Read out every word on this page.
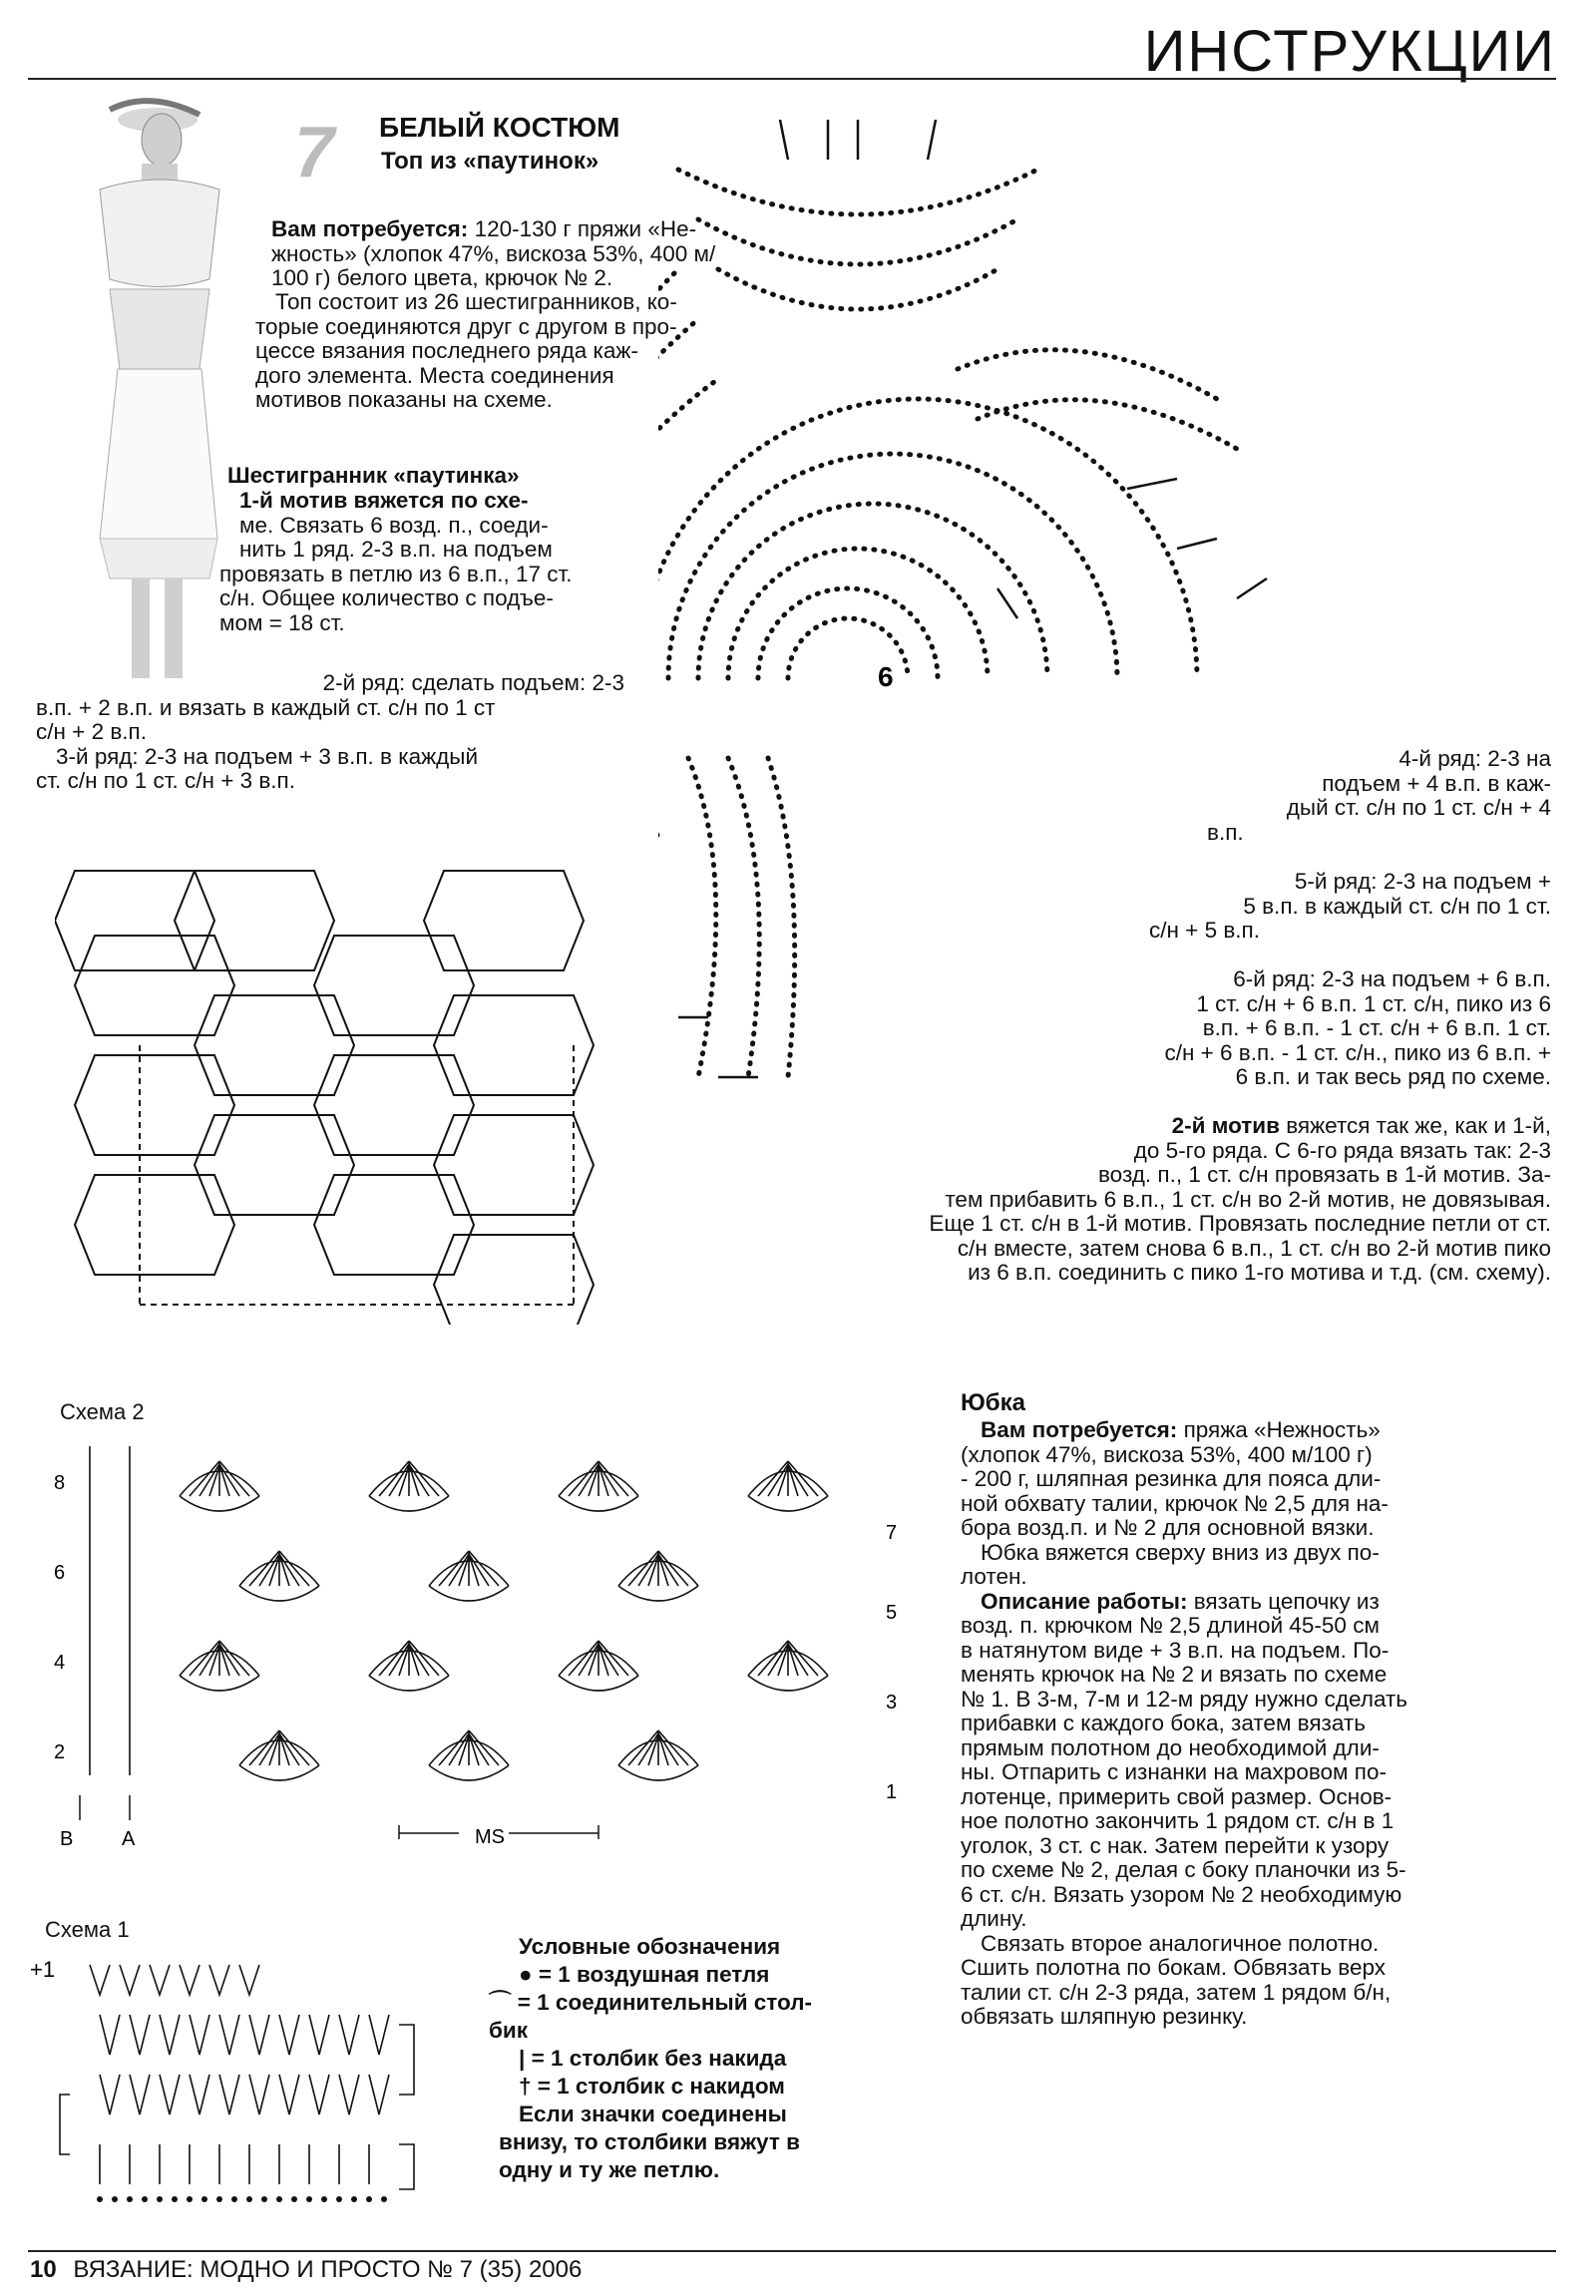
ИНСТРУКЦИИ
7 БЕЛЫЙ КОСТЮМ
Топ из «паутинок»

Вам потребуется: 120-130 г пряжи «Не-

жность» (хлопок 47%, вискоза 53%, 400 м/

100 г) белого цвета, крючок № 2.

Топ состоит из 26 шестигранников, ко-

торые соединяются друг с другом в про-

цессе вязания последнего ряда каж-

дого элемента. Места соединения

мотивов показаны на схеме.

Шестигранник «паутинка»

1-й мотив вяжется по схе-

ме. Связать 6 возд. п., соеди-

нить 1 ряд. 2-3 в.п. на подъем

провязать в петлю из 6 в.п., 17 ст.

с/н. Общее количество с подъе-

мом = 18 ст.

2-й ряд: сделать подъем: 2-3

в.п. + 2 в.п. и вязать в каждый ст. с/н по 1 ст

с/н + 2 в.п.

3-й ряд: 2-3 на подъем + 3 в.п. в каждый

ст. с/н по 1 ст. с/н + 3 в.п.

6

4-й ряд: 2-3 на

подъем + 4 в.п. в каж-

дый ст. с/н по 1 ст. с/н + 4

в.п.

5-й ряд: 2-3 на подъем +

5 в.п. в каждый ст. с/н по 1 ст.

с/н + 5 в.п.

6-й ряд: 2-3 на подъем + 6 в.п.

1 ст. с/н + 6 в.п. 1 ст. с/н, пико из 6

в.п. + 6 в.п. - 1 ст. с/н + 6 в.п. 1 ст.

с/н + 6 в.п. - 1 ст. с/н., пико из 6 в.п. +

6 в.п. и так весь ряд по схеме.

2-й мотив вяжется так же, как и 1-й,

до 5-го ряда. С 6-го ряда вязать так: 2-3

возд. п., 1 ст. с/н провязать в 1-й мотив. За-

тем прибавить 6 в.п., 1 ст. с/н во 2-й мотив, не довязывая.

Еще 1 ст. с/н в 1-й мотив. Провязать последние петли от ст.

с/н вместе, затем снова 6 в.п., 1 ст. с/н во 2-й мотив пико

из 6 в.п. соединить с пико 1-го мотива и т.д. (см. схему).

Юбка

Вам потребуется: пряжа «Нежность»

(хлопок 47%, вискоза 53%, 400 м/100 г)

- 200 г, шляпная резинка для пояса дли-

ной обхвату талии, крючок № 2,5 для на-

бора возд.п. и № 2 для основной вязки.

Юбка вяжется сверху вниз из двух по-

лотен.

Описание работы: вязать цепочку из

возд. п. крючком № 2,5 длиной 45-50 см

в натянутом виде + 3 в.п. на подъем. По-

менять крючок на № 2 и вязать по схеме

№ 1. В 3-м, 7-м и 12-м ряду нужно сделать

прибавки с каждого бока, затем вязать

прямым полотном до необходимой дли-

ны. Отпарить с изнанки на махровом по-

лотенце, примерить свой размер. Основ-

ное полотно закончить 1 рядом ст. с/н в 1

уголок, 3 ст. с нак. Затем перейти к узору

по схеме № 2, делая с боку планочки из 5-

6 ст. с/н. Вязать узором № 2 необходимую

длину.

Связать второе аналогичное полотно.

Сшить полотна по бокам. Обвязать верх

талии ст. с/н 2-3 ряда, затем 1 рядом б/н,

обвязать шляпную резинку.

Схема 2
8
6
4
2
7
5
3
1
MS
B A
Схема 1
+1
Условные обозначения
● = 1 воздушная петля
⌒ = 1 соединительный стол-
бик
| = 1 столбик без накида
† = 1 столбик с накидом
Если значки соединены
внизу, то столбики вяжут в
одну и ту же петлю.
10 ВЯЗАНИЕ: МОДНО И ПРОСТО № 7 (35) 2006
